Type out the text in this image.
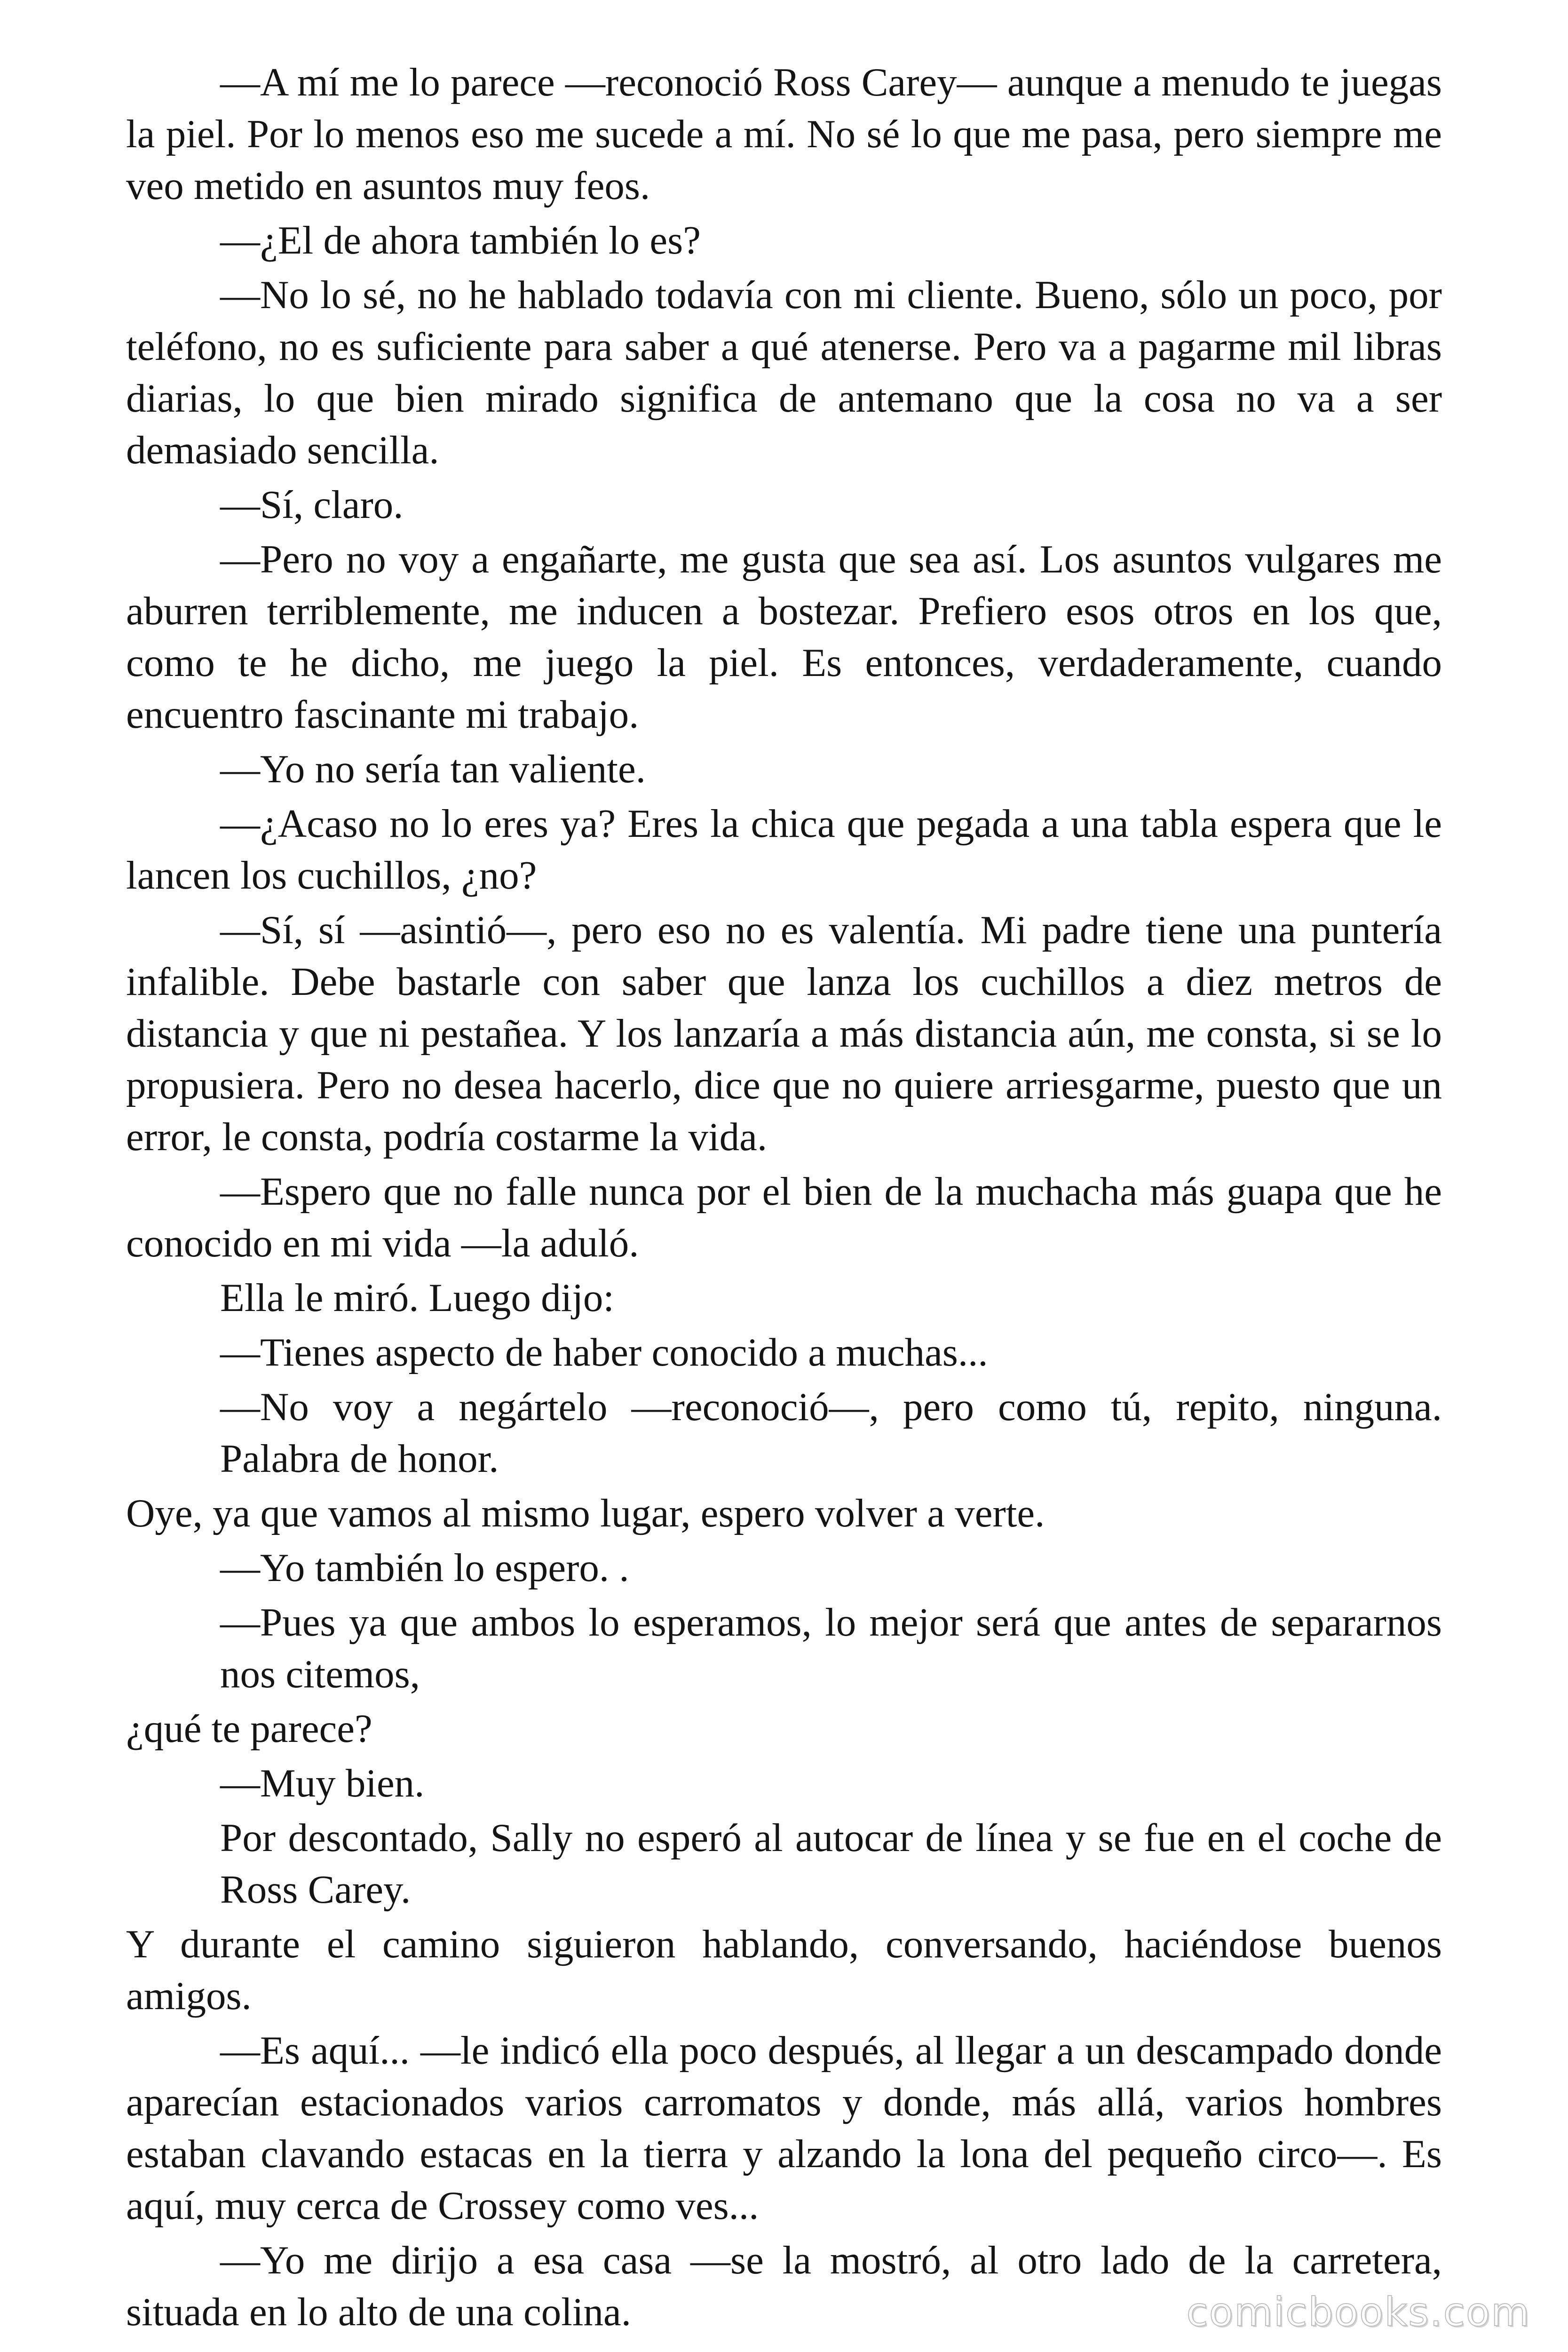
—A mí me lo parece —reconoció Ross Carey— aunque a menudo te juegas la piel. Por lo menos eso me sucede a mí. No sé lo que me pasa, pero siempre me veo metido en asuntos muy feos.

—¿El de ahora también lo es?

—No lo sé, no he hablado todavía con mi cliente. Bueno, sólo un poco, por teléfono, no es suficiente para saber a qué atenerse. Pero va a pagarme mil libras diarias, lo que bien mirado significa de antemano que la cosa no va a ser demasiado sencilla.

—Sí, claro.

—Pero no voy a engañarte, me gusta que sea así. Los asuntos vulgares me aburren terriblemente, me inducen a bostezar. Prefiero esos otros en los que, como te he dicho, me juego la piel. Es entonces, verdaderamente, cuando encuentro fascinante mi trabajo.

—Yo no sería tan valiente.

—¿Acaso no lo eres ya? Eres la chica que pegada a una tabla espera que le lancen los cuchillos, ¿no?

—Sí, sí —asintió—, pero eso no es valentía. Mi padre tiene una puntería infalible. Debe bastarle con saber que lanza los cuchillos a diez metros de distancia y que ni pestañea. Y los lanzaría a más distancia aún, me consta, si se lo propusiera. Pero no desea hacerlo, dice que no quiere arriesgarme, puesto que un error, le consta, podría costarme la vida.

—Espero que no falle nunca por el bien de la muchacha más guapa que he conocido en mi vida —la aduló.

Ella le miró. Luego dijo:

—Tienes aspecto de haber conocido a muchas...

—No voy a negártelo —reconoció—, pero como tú, repito, ninguna. Palabra de honor.

Oye, ya que vamos al mismo lugar, espero volver a verte.

—Yo también lo espero. .

—Pues ya que ambos lo esperamos, lo mejor será que antes de separarnos nos citemos,

¿qué te parece?

—Muy bien.

Por descontado, Sally no esperó al autocar de línea y se fue en el coche de Ross Carey.

Y durante el camino siguieron hablando, conversando, haciéndose buenos amigos.

—Es aquí... —le indicó ella poco después, al llegar a un descampado donde aparecían estacionados varios carromatos y donde, más allá, varios hombres estaban clavando estacas en la tierra y alzando la lona del pequeño circo—. Es aquí, muy cerca de Crossey como ves...

—Yo me dirijo a esa casa —se la mostró, al otro lado de la carretera, situada en lo alto de una colina.	comicbooks.com
